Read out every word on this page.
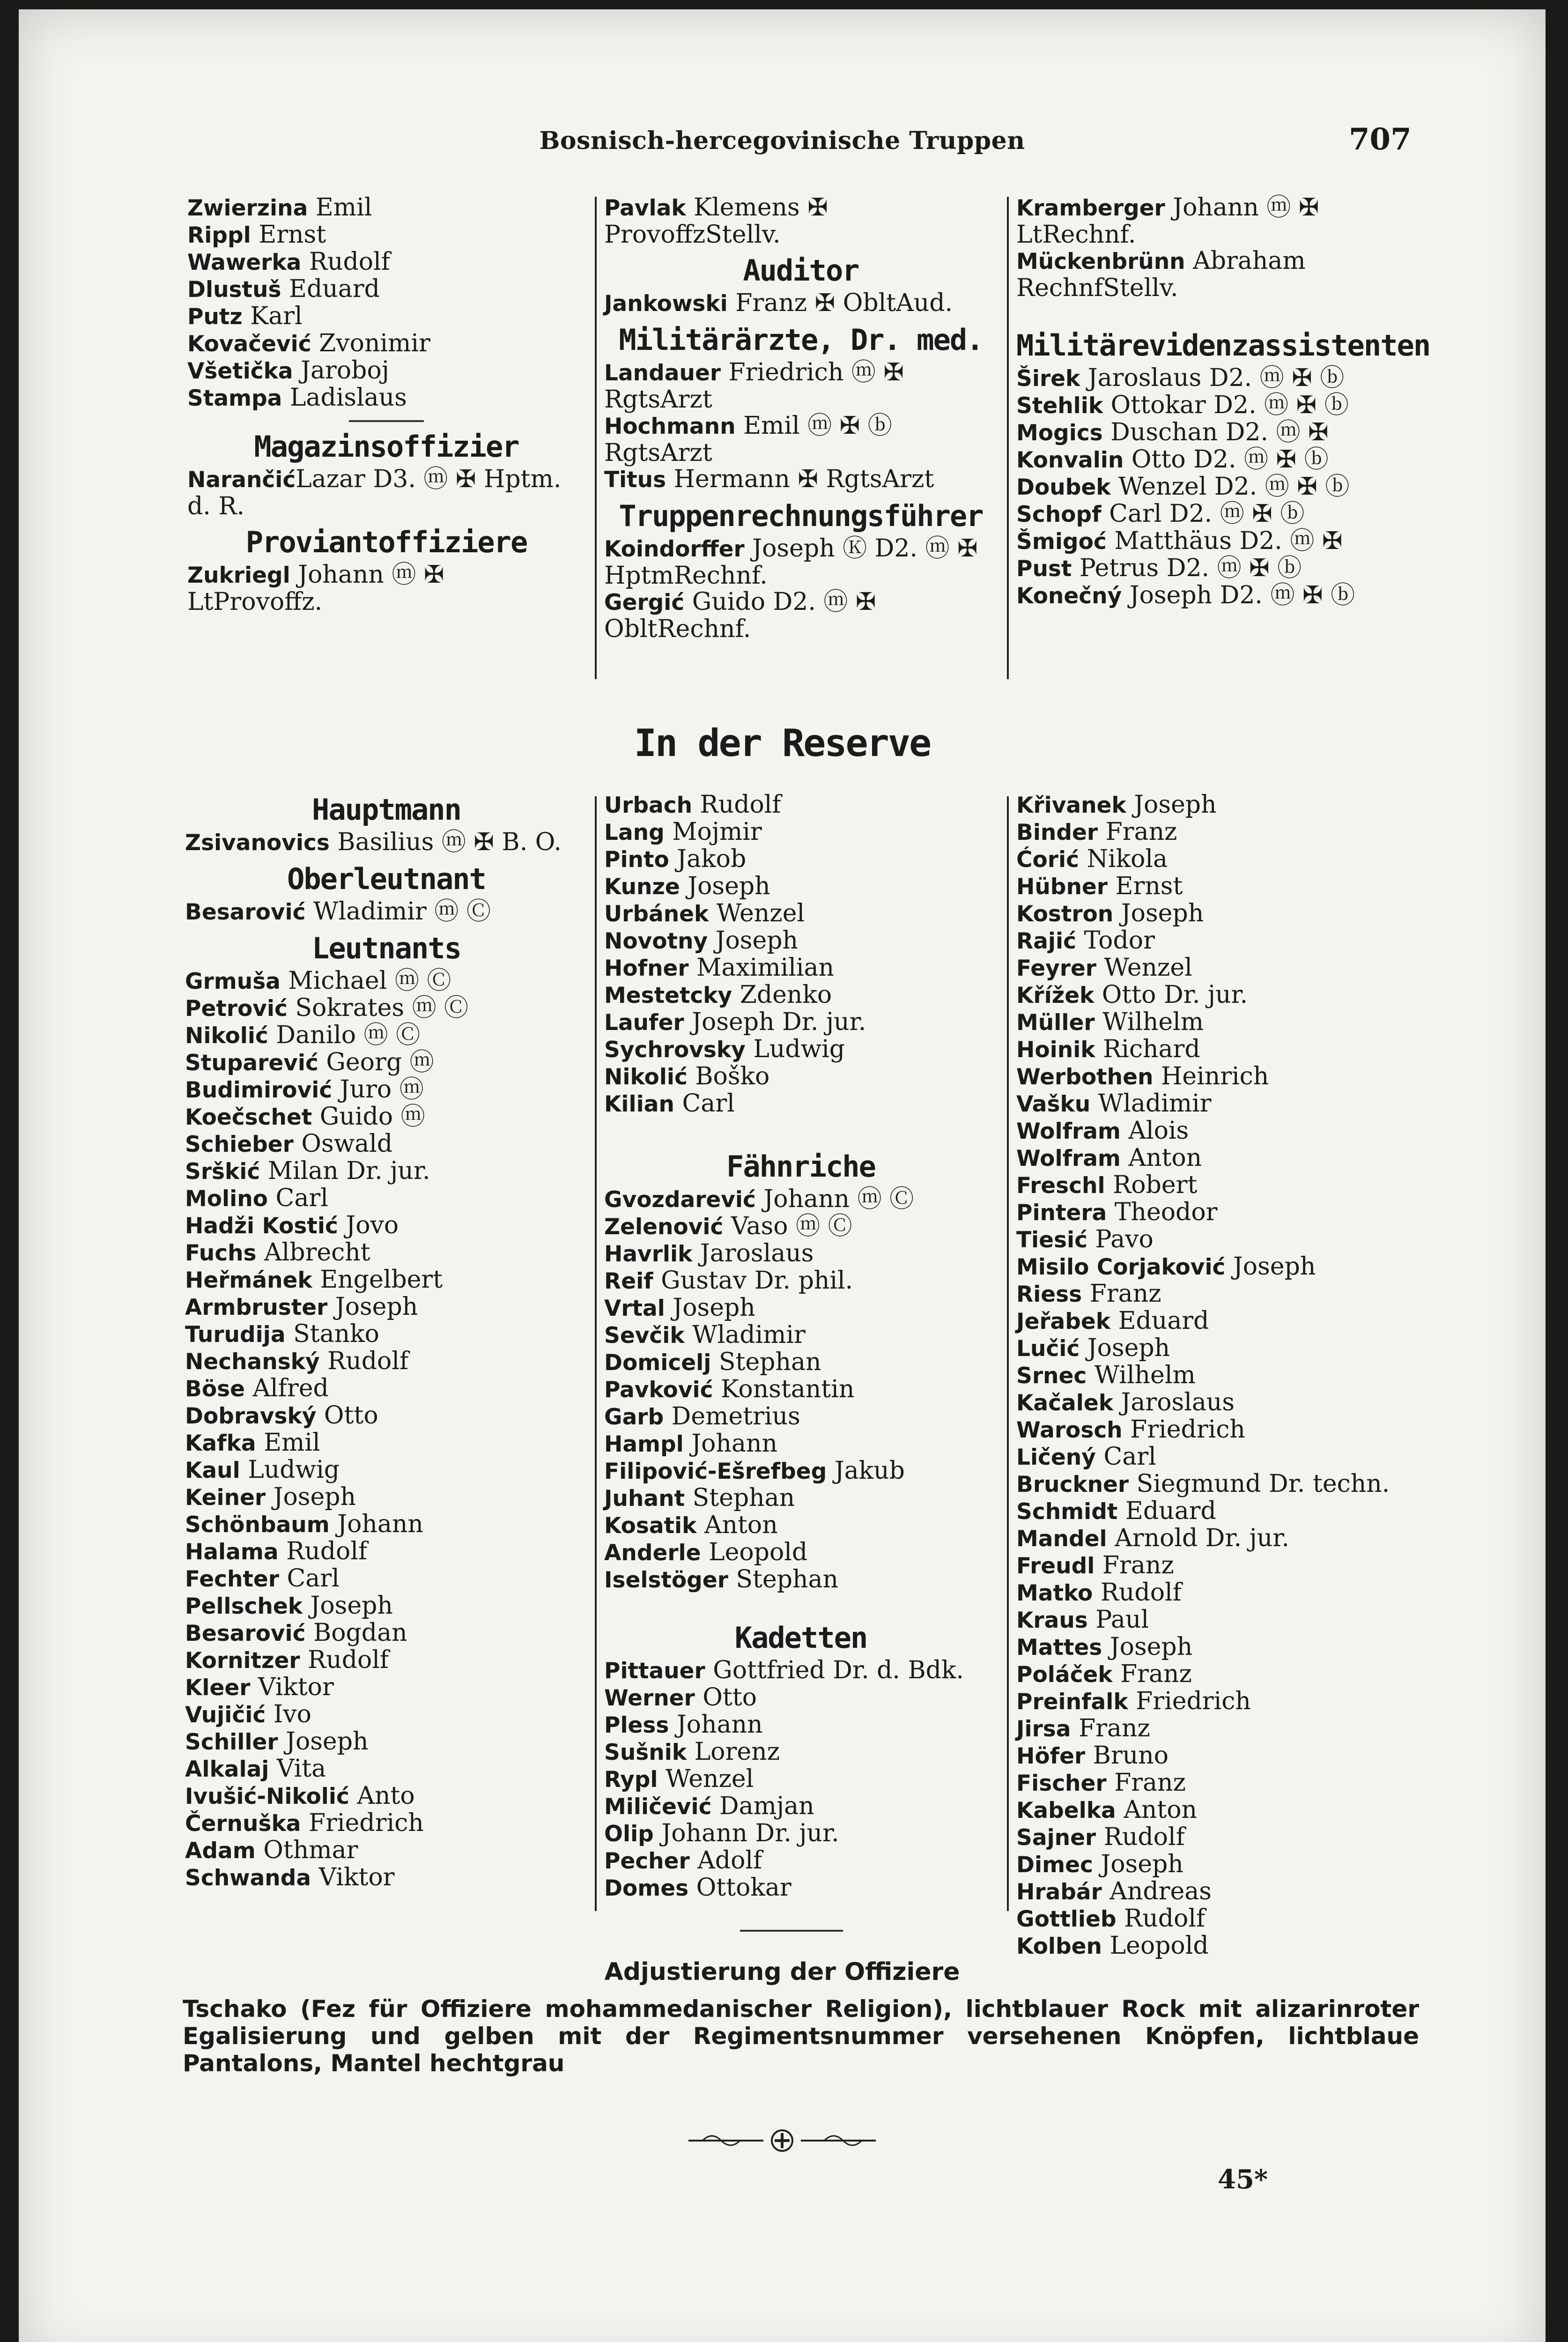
Bosnisch-hercegovinische Truppen	707
Zwierzina Emil
Rippl Ernst
Wawerka Rudolf
Dlustuš Eduard
Putz Karl
Kovačević Zvonimir
Všetička Jaroboj
Stampa Ladislaus
Magazinsoffizier
NarančićLazar D3. ⓜ ✠ Hptm. d. R.
Proviantoffiziere
Zukriegl Johann ⓜ ✠ LtProvoffz.
Pavlak Klemens ✠ ProvoffzStellv.
Auditor
Jankowski Franz ✠ ObltAud.
Militärärzte, Dr. med.
Landauer Friedrich ⓜ ✠ RgtsArzt
Hochmann Emil ⓜ ✠ ⓑ RgtsArzt
Titus Hermann ✠ RgtsArzt
Truppenrechnungsführer
Koindorffer Joseph Ⓚ D2. ⓜ ✠ HptmRechnf.
Gergić Guido D2. ⓜ ✠ ObltRechnf.
Kramberger Johann ⓜ ✠ LtRechnf.
Mückenbrünn Abraham RechnfStellv.
Militärevidenzassistenten
Širek Jaroslaus D2. ⓜ ✠ ⓑ
Stehlik Ottokar D2. ⓜ ✠ ⓑ
Mogics Duschan D2. ⓜ ✠
Konvalin Otto D2. ⓜ ✠ ⓑ
Doubek Wenzel D2. ⓜ ✠ ⓑ
Schopf Carl D2. ⓜ ✠ ⓑ
Šmigoć Matthäus D2. ⓜ ✠
Pust Petrus D2. ⓜ ✠ ⓑ
Konečný Joseph D2. ⓜ ✠ ⓑ
In der Reserve
Hauptmann
Zsivanovics Basilius ⓜ ✠ B. O.
Oberleutnant
Besarović Wladimir ⓜ Ⓒ
Leutnants
Grmuša Michael ⓜ Ⓒ
Petrović Sokrates ⓜ Ⓒ
Nikolić Danilo ⓜ Ⓒ
Stuparević Georg ⓜ
Budimirović Juro ⓜ
Koečschet Guido ⓜ
Schieber Oswald
Srškić Milan Dr. jur.
Molino Carl
Hadži Kostić Jovo
Fuchs Albrecht
Heřmánek Engelbert
Armbruster Joseph
Turudija Stanko
Nechanský Rudolf
Böse Alfred
Dobravský Otto
Kafka Emil
Kaul Ludwig
Keiner Joseph
Schönbaum Johann
Halama Rudolf
Fechter Carl
Pellschek Joseph
Besarović Bogdan
Kornitzer Rudolf
Kleer Viktor
Vujičić Ivo
Schiller Joseph
Alkalaj Vita
Ivušić-Nikolić Anto
Černuška Friedrich
Adam Othmar
Schwanda Viktor
Urbach Rudolf
Lang Mojmir
Pinto Jakob
Kunze Joseph
Urbánek Wenzel
Novotny Joseph
Hofner Maximilian
Mestetcky Zdenko
Laufer Joseph Dr. jur.
Sychrovsky Ludwig
Nikolić Boško
Kilian Carl
Fähnriche
Gvozdarević Johann ⓜ Ⓒ
Zelenović Vaso ⓜ Ⓒ
Havrlik Jaroslaus
Reif Gustav Dr. phil.
Vrtal Joseph
Sevčik Wladimir
Domicelj Stephan
Pavković Konstantin
Garb Demetrius
Hampl Johann
Filipović-Ešrefbeg Jakub
Juhant Stephan
Kosatik Anton
Anderle Leopold
Iselstöger Stephan
Kadetten
Pittauer Gottfried Dr. d. Bdk.
Werner Otto
Pless Johann
Sušnik Lorenz
Rypl Wenzel
Miličević Damjan
Olip Johann Dr. jur.
Pecher Adolf
Domes Ottokar
Křivanek Joseph
Binder Franz
Ćorić Nikola
Hübner Ernst
Kostron Joseph
Rajić Todor
Feyrer Wenzel
Křížek Otto Dr. jur.
Müller Wilhelm
Hoinik Richard
Werbothen Heinrich
Vašku Wladimir
Wolfram Alois
Wolfram Anton
Freschl Robert
Pintera Theodor
Tiesić Pavo
Misilo Corjaković Joseph
Riess Franz
Jeřabek Eduard
Lučić Joseph
Srnec Wilhelm
Kačalek Jaroslaus
Warosch Friedrich
Ličený Carl
Bruckner Siegmund Dr. techn.
Schmidt Eduard
Mandel Arnold Dr. jur.
Freudl Franz
Matko Rudolf
Kraus Paul
Mattes Joseph
Poláček Franz
Preinfalk Friedrich
Jirsa Franz
Höfer Bruno
Fischer Franz
Kabelka Anton
Sajner Rudolf
Dimec Joseph
Hrabár Andreas
Gottlieb Rudolf
Kolben Leopold
Adjustierung der Offiziere
Tschako (Fez für Offiziere mohammedanischer Religion), lichtblauer Rock mit alizarinroter Egalisierung und gelben mit der Regimentsnummer versehenen Knöpfen, lichtblaue Pantalons, Mantel hechtgrau
45*
